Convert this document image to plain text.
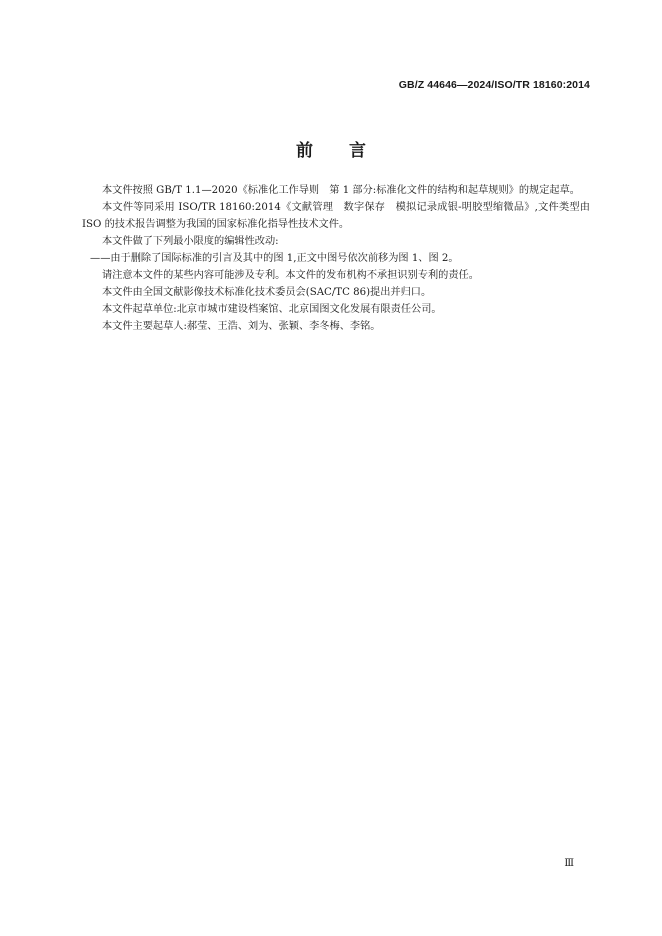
GB/Z 44646—2024/ISO/TR 18160:2014
前言

本文件按照 GB/T 1.1—2020《标准化工作导则　第 1 部分:标准化文件的结构和起草规则》的规定起草。

本文件等同采用 ISO/TR 18160:2014《文献管理　数字保存　模拟记录成银-明胶型缩微品》,文件类型由 ISO 的技术报告调整为我国的国家标准化指导性技术文件。

本文件做了下列最小限度的编辑性改动:

——由于删除了国际标准的引言及其中的图 1,正文中图号依次前移为图 1、图 2。

请注意本文件的某些内容可能涉及专利。本文件的发布机构不承担识别专利的责任。

本文件由全国文献影像技术标准化技术委员会(SAC/TC 86)提出并归口。

本文件起草单位:北京市城市建设档案馆、北京国图文化发展有限责任公司。

本文件主要起草人:郝莹、王浩、刘为、张颖、李冬梅、李铭。

Ⅲ
